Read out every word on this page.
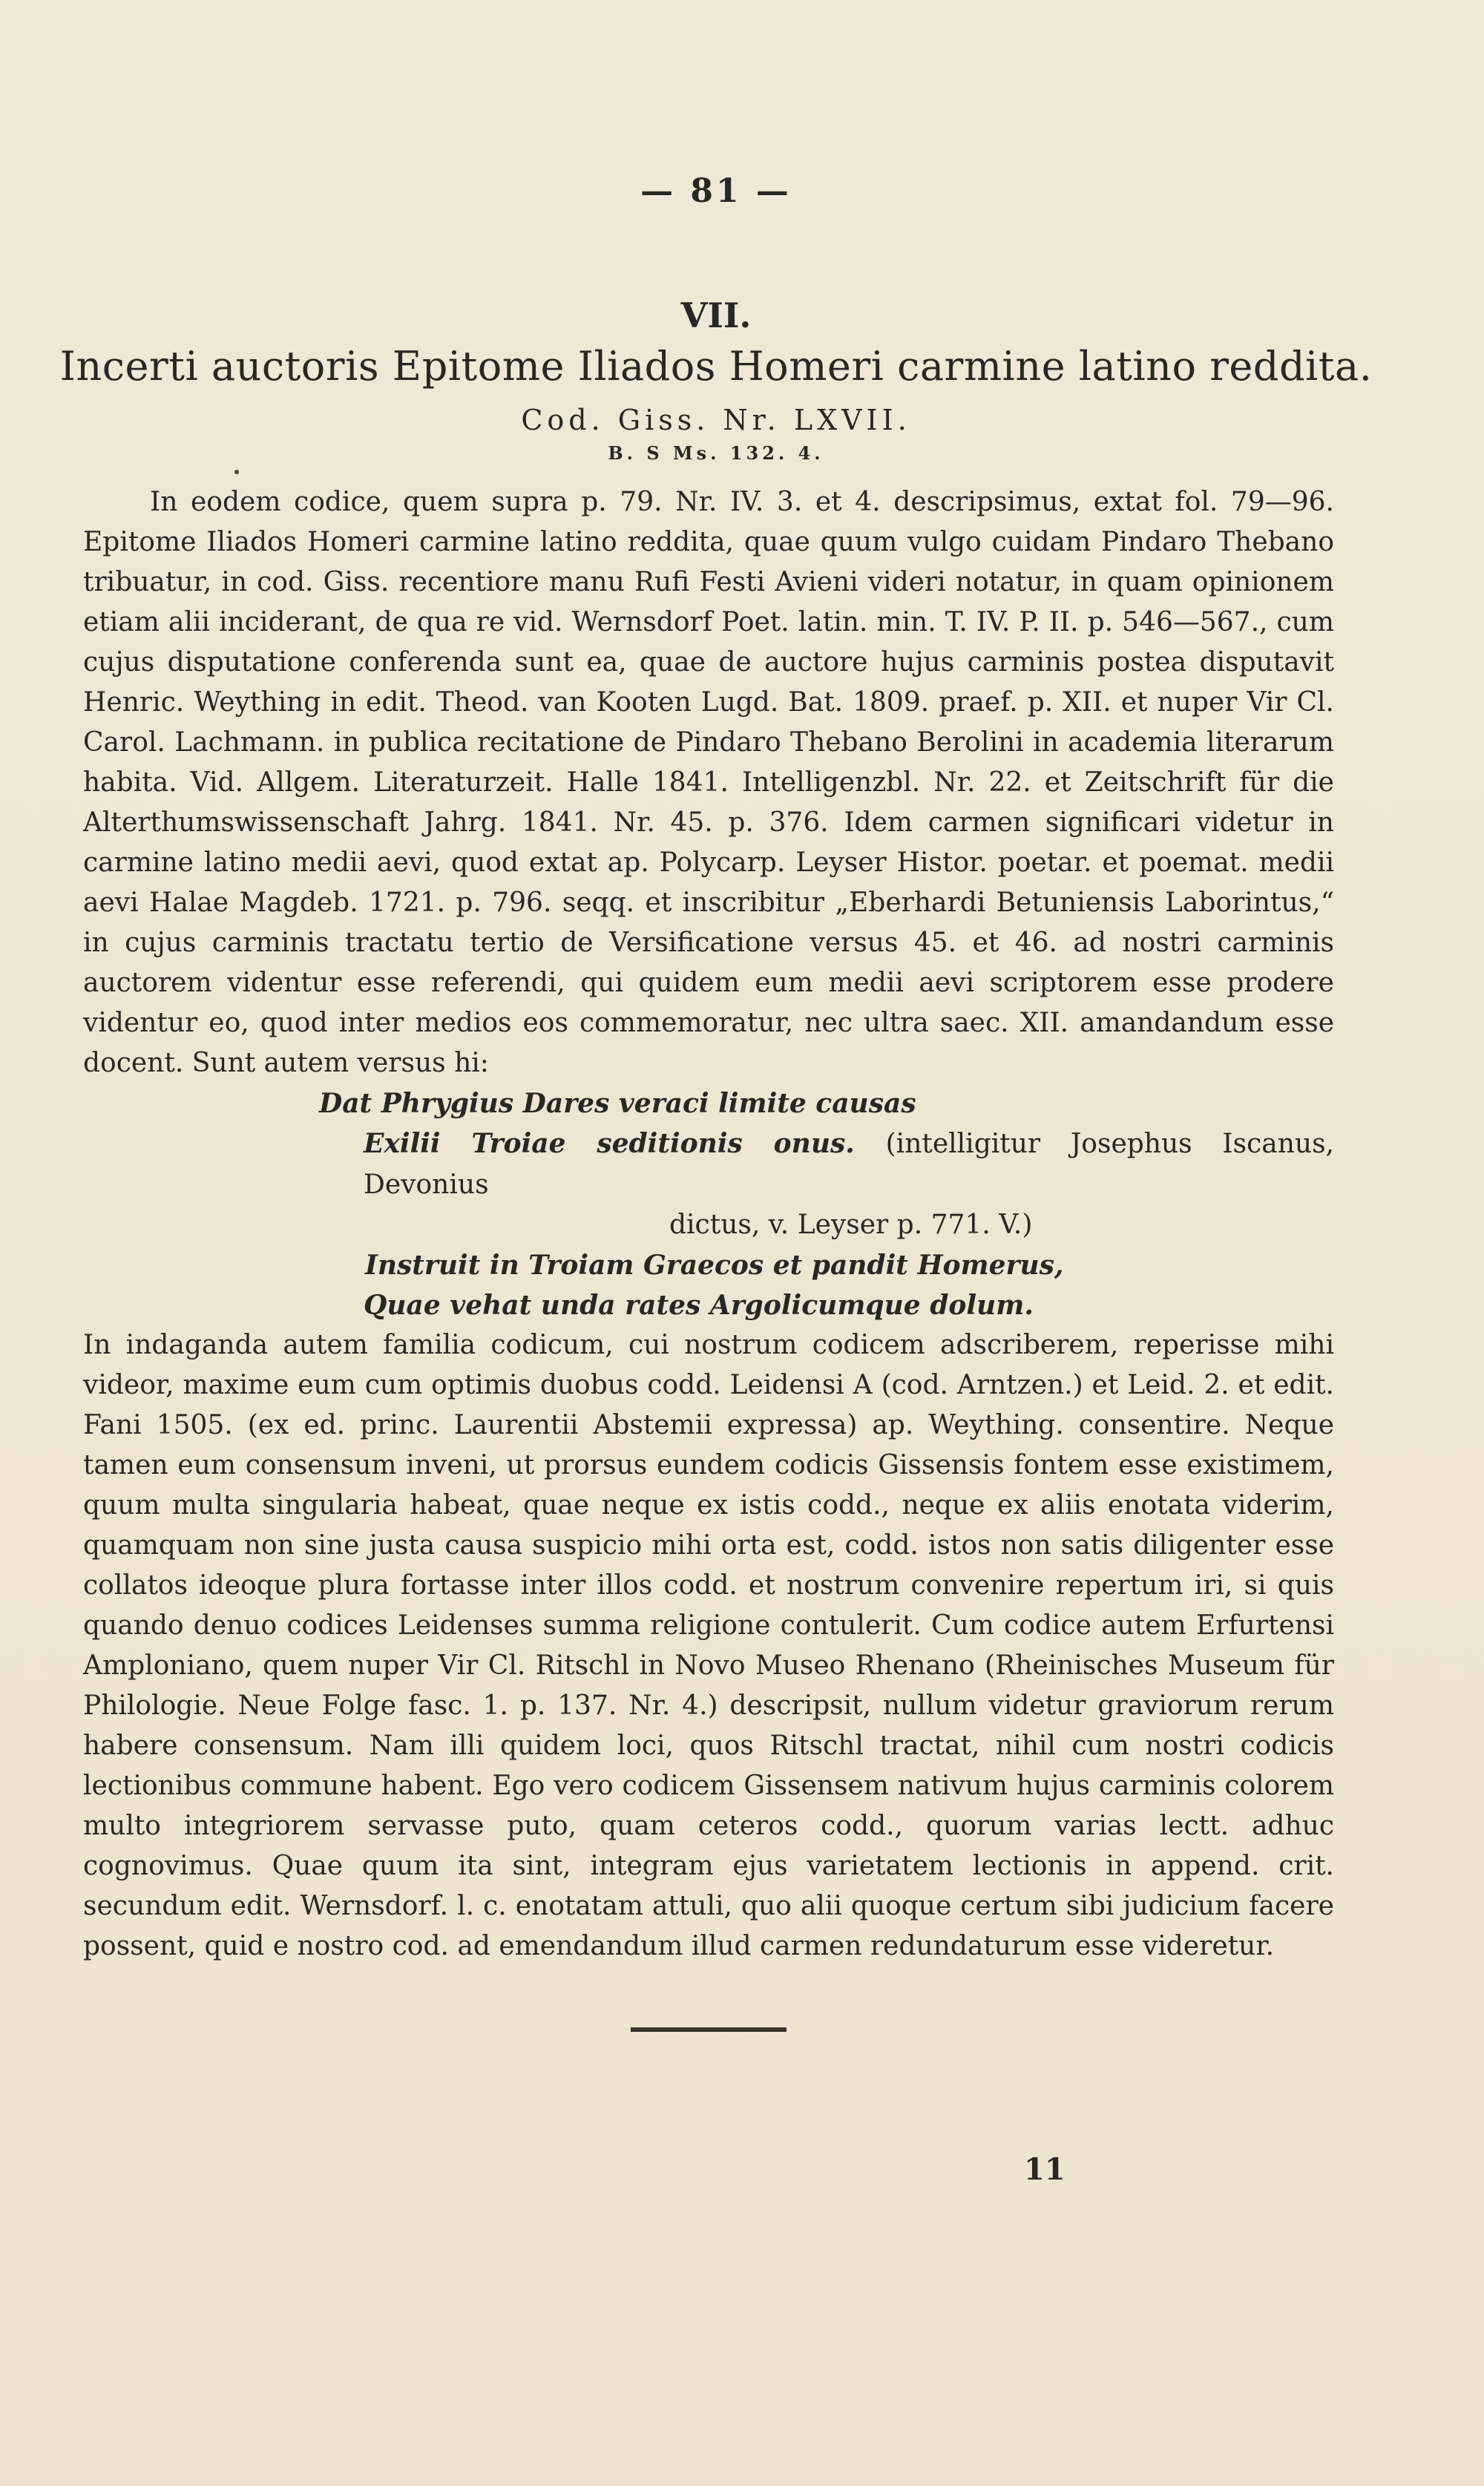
— 81 —
VII.
Incerti auctoris Epitome Iliados Homeri carmine latino reddita.
Cod. Giss. Nr. LXVII.
B. S Ms. 132. 4.

In eodem codice, quem supra p. 79. Nr. IV. 3. et 4. descripsimus, extat fol. 79—96. Epitome Iliados Homeri carmine latino reddita, quae quum vulgo cuidam Pindaro Thebano tribuatur, in cod. Giss. recentiore manu Rufi Festi Avieni videri notatur, in quam opinionem etiam alii inciderant, de qua re vid. Wernsdorf Poet. latin. min. T. IV. P. II. p. 546—567., cum cujus disputatione conferenda sunt ea, quae de auctore hujus carminis postea disputavit Henric. Weything in edit. Theod. van Kooten Lugd. Bat. 1809. praef. p. XII. et nuper Vir Cl. Carol. Lachmann. in publica recitatione de Pindaro Thebano Berolini in academia literarum habita. Vid. Allgem. Literaturzeit. Halle 1841. Intelligenzbl. Nr. 22. et Zeitschrift für die Alterthumswissenschaft Jahrg. 1841. Nr. 45. p. 376. Idem carmen significari videtur in carmine latino medii aevi, quod extat ap. Polycarp. Leyser Histor. poetar. et poemat. medii aevi Halae Magdeb. 1721. p. 796. seqq. et inscribitur „Eberhardi Betuniensis Laborintus,“ in cujus carminis tractatu tertio de Versificatione versus 45. et 46. ad nostri carminis auctorem videntur esse referendi, qui quidem eum medii aevi scriptorem esse prodere videntur eo, quod inter medios eos commemoratur, nec ultra saec. XII. amandandum esse docent. Sunt autem versus hi:

Dat Phrygius Dares veraci limite causas
Exilii Troiae seditionis onus. (intelligitur Josephus Iscanus, Devonius
dictus, v. Leyser p. 771. V.)
Instruit in Troiam Graecos et pandit Homerus,
Quae vehat unda rates Argolicumque dolum.

In indaganda autem familia codicum, cui nostrum codicem adscriberem, reperisse mihi videor, maxime eum cum optimis duobus codd. Leidensi A (cod. Arntzen.) et Leid. 2. et edit. Fani 1505. (ex ed. princ. Laurentii Abstemii expressa) ap. Weything. consentire. Neque tamen eum consensum inveni, ut prorsus eundem codicis Gissensis fontem esse existimem, quum multa singularia habeat, quae neque ex istis codd., neque ex aliis enotata viderim, quamquam non sine justa causa suspicio mihi orta est, codd. istos non satis diligenter esse collatos ideoque plura fortasse inter illos codd. et nostrum convenire repertum iri, si quis quando denuo codices Leidenses summa religione contulerit. Cum codice autem Erfurtensi Amploniano, quem nuper Vir Cl. Ritschl in Novo Museo Rhenano (Rheinisches Museum für Philologie. Neue Folge fasc. 1. p. 137. Nr. 4.) descripsit, nullum videtur graviorum rerum habere consensum. Nam illi quidem loci, quos Ritschl tractat, nihil cum nostri codicis lectionibus commune habent. Ego vero codicem Gissensem nativum hujus carminis colorem multo integriorem servasse puto, quam ceteros codd., quorum varias lectt. adhuc cognovimus. Quae quum ita sint, integram ejus varietatem lectionis in append. crit. secundum edit. Wernsdorf. l. c. enotatam attuli, quo alii quoque certum sibi judicium facere possent, quid e nostro cod. ad emendandum illud carmen redundaturum esse videretur.

11
